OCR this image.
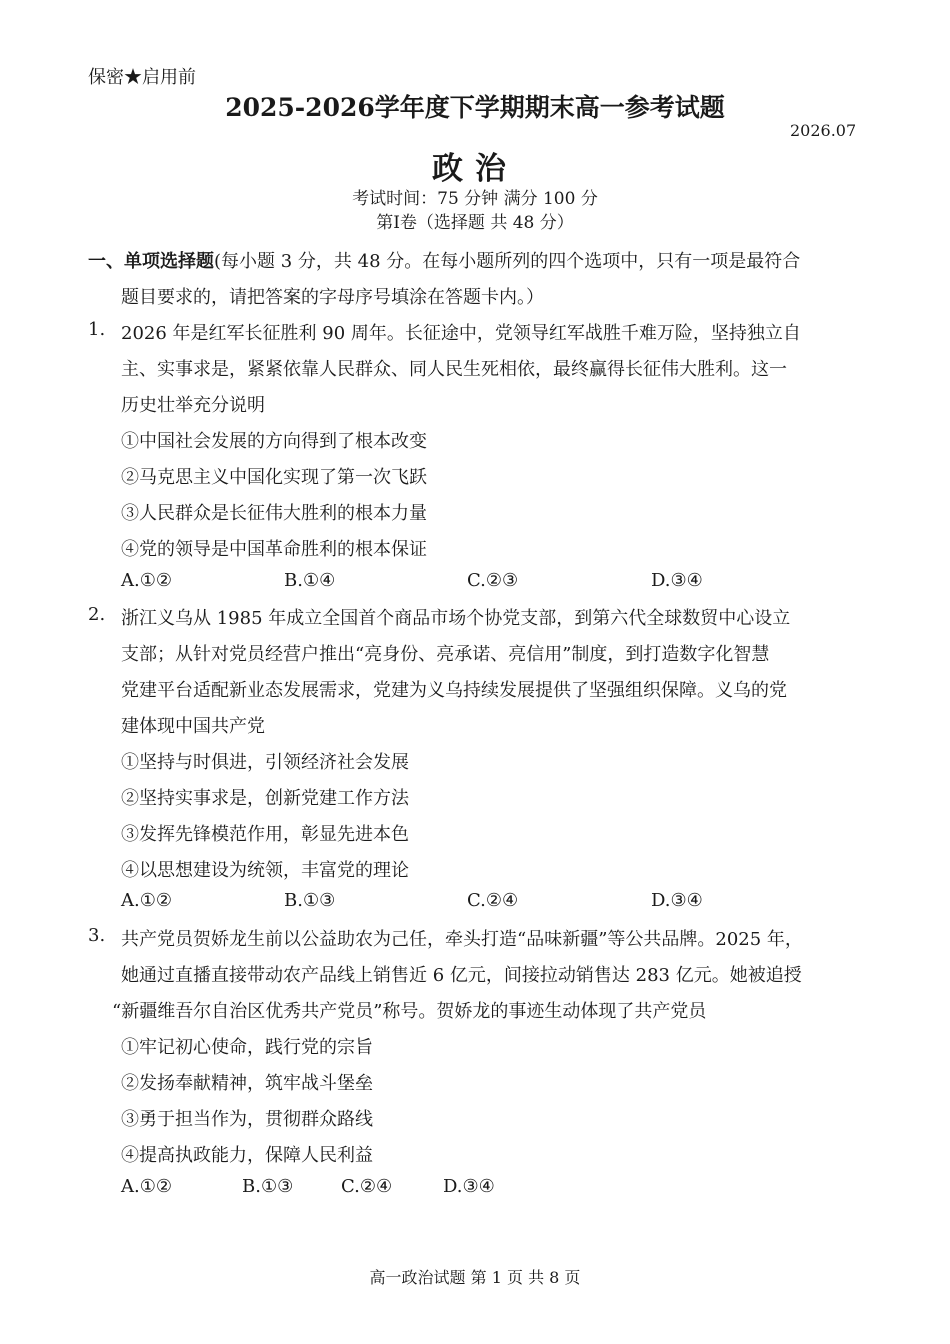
保密★启用前
2025-2026学年度下学期期末高一参考试题
2026.07
政治
考试时间：75 分钟 满分 100 分
第Ⅰ卷（选择题 共 48 分）
一、单项选择题(每小题 3 分，共 48 分。在每小题所列的四个选项中，只有一项是最符合
题目要求的，请把答案的字母序号填涂在答题卡内。）
1. 2026 年是红军长征胜利 90 周年。长征途中，党领导红军战胜千难万险，坚持独立自
主、实事求是，紧紧依靠人民群众、同人民生死相依，最终赢得长征伟大胜利。这一
历史壮举充分说明
①中国社会发展的方向得到了根本改变
②马克思主义中国化实现了第一次飞跃
③人民群众是长征伟大胜利的根本力量
④党的领导是中国革命胜利的根本保证
A.①②	B.①④	C.②③	D.③④
2. 浙江义乌从 1985 年成立全国首个商品市场个协党支部，到第六代全球数贸中心设立
支部；从针对党员经营户推出“亮身份、亮承诺、亮信用”制度，到打造数字化智慧
党建平台适配新业态发展需求，党建为义乌持续发展提供了坚强组织保障。义乌的党
建体现中国共产党
①坚持与时俱进，引领经济社会发展
②坚持实事求是，创新党建工作方法
③发挥先锋模范作用，彰显先进本色
④以思想建设为统领，丰富党的理论
A.①②	B.①③	C.②④	D.③④
3. 共产党员贺娇龙生前以公益助农为己任，牵头打造“品味新疆”等公共品牌。2025 年，
她通过直播直接带动农产品线上销售近 6 亿元，间接拉动销售达 283 亿元。她被追授
“新疆维吾尔自治区优秀共产党员”称号。贺娇龙的事迹生动体现了共产党员
①牢记初心使命，践行党的宗旨
②发扬奉献精神，筑牢战斗堡垒
③勇于担当作为，贯彻群众路线
④提高执政能力，保障人民利益
A.①②	B.①③	C.②④	D.③④
高一政治试题 第 1 页 共 8 页
